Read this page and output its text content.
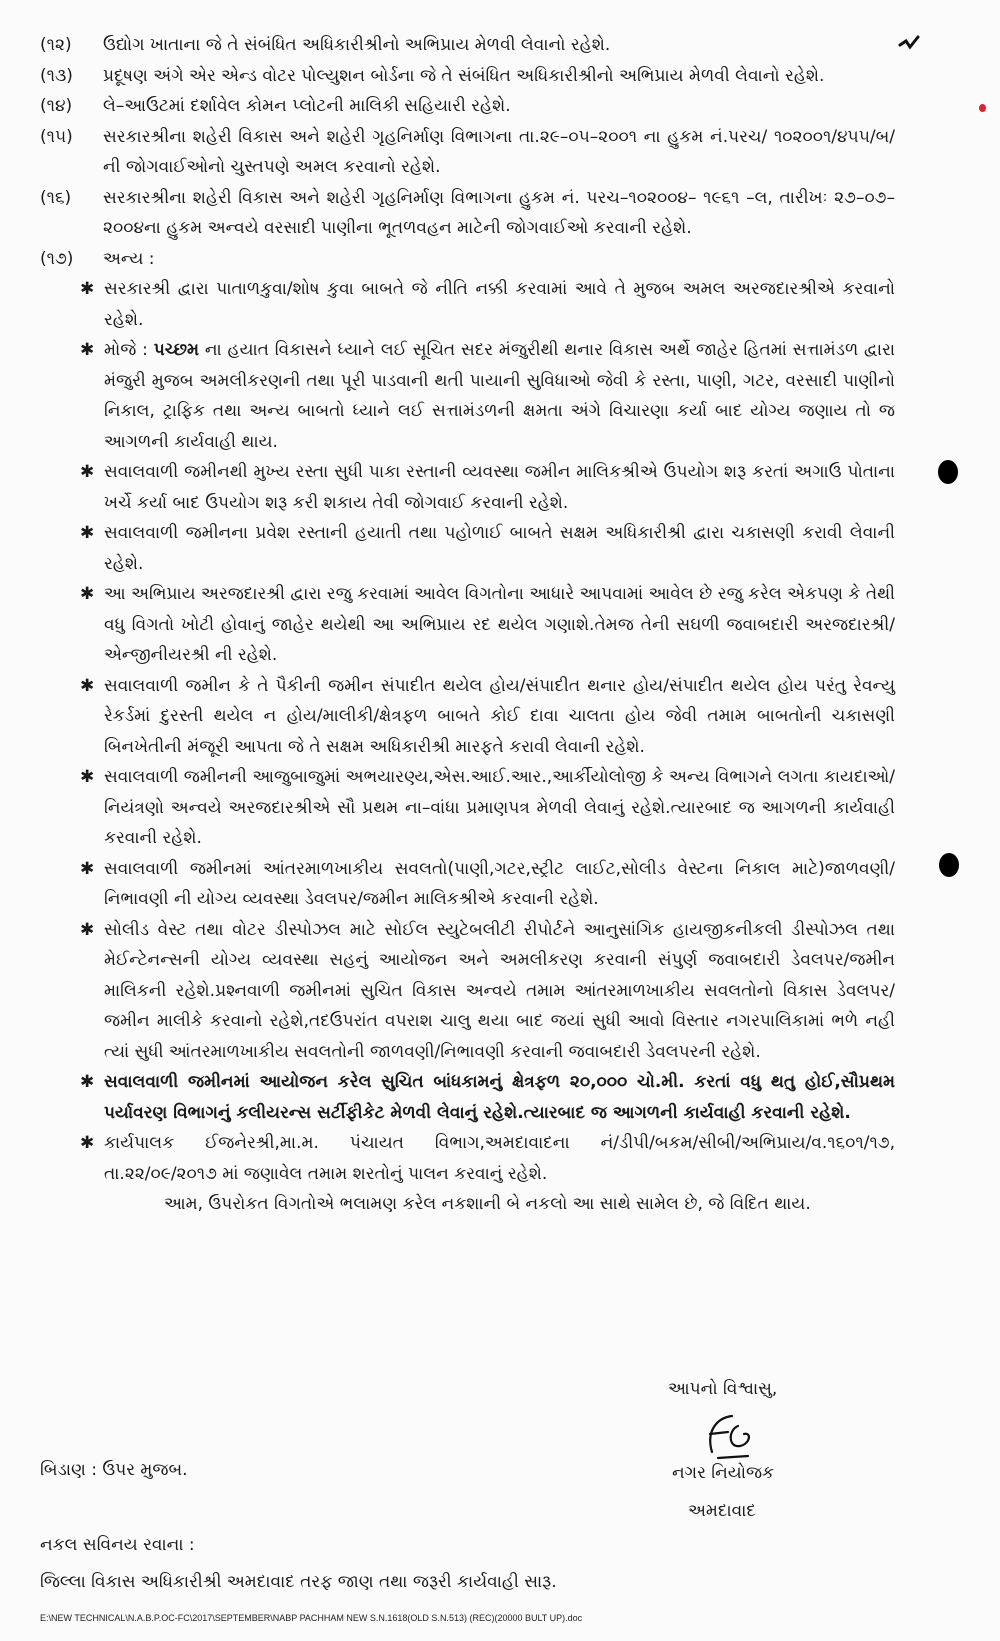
(૧૨)	ઉદ્યોગ ખાતાના જે તે સંબંધિત અધિકારીશ્રીનો અભિપ્રાય મેળવી લેવાનો રહેશે.
(૧૩)	પ્રદૂષણ અંગે એર એન્ડ વોટર પોલ્યુશન બોર્ડના જે તે સંબંધિત અધિકારીશ્રીનો અભિપ્રાય મેળવી લેવાનો રહેશે.
(૧૪)	લે–આઉટમાં દર્શાવેલ કોમન પ્લોટની માલિકી સહિયારી રહેશે.
(૧૫)	સરકારશ્રીના શહેરી વિકાસ અને શહેરી ગૃહનિર્માણ વિભાગના તા.૨૯–૦૫–૨૦૦૧ ના હુકમ નં.પરચ/ ૧૦૨૦૦૧/૪૫૫/બ/ની જોગવાઈઓનો ચુસ્તપણે અમલ કરવાનો રહેશે.
(૧૬)	સરકારશ્રીના શહેરી વિકાસ અને શહેરી ગૃહનિર્માણ વિભાગના હુકમ નં. પરચ–૧૦૨૦૦૪– ૧૯૬૧ –લ, તારીખઃ ૨૭–૦૭–૨૦૦૪ના હુકમ અન્વયે વરસાદી પાણીના ભૂતળવહન માટેની જોગવાઈઓ કરવાની રહેશે.
(૧૭)	અન્ય :
✱ સરકારશ્રી દ્વારા પાતાળકુવા/શોષ કુવા બાબતે જે નીતિ નક્કી કરવામાં આવે તે મુજબ અમલ અરજદારશ્રીએ કરવાનો રહેશે.
✱ મોજે : પચ્છમ ના હયાત વિકાસને ધ્યાને લઈ સૂચિત સદર મંજુરીથી થનાર વિકાસ અર્થે જાહેર હિતમાં સત્તામંડળ દ્વારા મંજુરી મુજબ અમલીકરણની તથા પૂરી પાડવાની થતી પાયાની સુવિધાઓ જેવી કે રસ્તા, પાણી, ગટર, વરસાદી પાણીનો નિકાલ, ટ્રાફિક તથા અન્ય બાબતો ધ્યાને લઈ સત્તામંડળની ક્ષમતા અંગે વિચારણા કર્યા બાદ યોગ્ય જણાય તો જ આગળની કાર્યવાહી થાય.
✱ સવાલવાળી જમીનથી મુખ્ય રસ્તા સુધી પાકા રસ્તાની વ્યવસ્થા જમીન માલિકશ્રીએ ઉપયોગ શરૂ કરતાં અગાઉ પોતાના ખર્ચે કર્યા બાદ ઉપયોગ શરૂ કરી શકાય તેવી જોગવાઈ કરવાની રહેશે.
✱ સવાલવાળી જમીનના પ્રવેશ રસ્તાની હયાતી તથા પહોળાઈ બાબતે સક્ષમ અધિકારીશ્રી દ્વારા ચકાસણી કરાવી લેવાની રહેશે.
✱ આ અભિપ્રાય અરજદારશ્રી દ્વારા રજુ કરવામાં આવેલ વિગતોના આધારે આપવામાં આવેલ છે રજુ કરેલ એકપણ કે તેથી વધુ વિગતો ખોટી હોવાનું જાહેર થયેથી આ અભિપ્રાય રદ થયેલ ગણાશે.તેમજ તેની સઘળી જવાબદારી અરજદારશ્રી/એન્જીનીયરશ્રી ની રહેશે.
✱ સવાલવાળી જમીન કે તે પૈકીની જમીન સંપાદીત થયેલ હોય/સંપાદીત થનાર હોય/સંપાદીત થયેલ હોય પરંતુ રેવન્યુ રેકર્ડમાં દુરસ્તી થયેલ ન હોય/માલીકી/ક્ષેત્રફળ બાબતે કોઈ દાવા ચાલતા હોય જેવી તમામ બાબતોની ચકાસણી બિનખેતીની મંજૂરી આપતા જે તે સક્ષમ અધિકારીશ્રી મારફતે કરાવી લેવાની રહેશે.
✱ સવાલવાળી જમીનની આજુબાજુમાં અભયારણ્ય,એસ.આઈ.આર.,આર્કીયોલોજી કે અન્ય વિભાગને લગતા કાયદાઓ/ નિયંત્રણો અન્વયે અરજદારશ્રીએ સૌ પ્રથમ ના–વાંધા પ્રમાણપત્ર મેળવી લેવાનું રહેશે.ત્યારબાદ જ આગળની કાર્યવાહી કરવાની રહેશે.
✱ સવાલવાળી જમીનમાં આંતરમાળખાકીય સવલતો(પાણી,ગટર,સ્ટ્રીટ લાઈટ,સોલીડ વેસ્ટના નિકાલ માટે)જાળવણી/ નિભાવણી ની યોગ્ય વ્યવસ્થા ડેવલપર/જમીન માલિકશ્રીએ કરવાની રહેશે.
✱ સોલીડ વેસ્ટ તથા વોટર ડીસ્પોઝલ માટે સોઈલ સ્યુટેબલીટી રીપોર્ટને આનુસાંગિક હાયજીકનીકલી ડીસ્પોઝલ તથા મેઈન્ટેનન્સની યોગ્ય વ્યવસ્થા સહનું આયોજન અને અમલીકરણ કરવાની સંપુર્ણ જવાબદારી ડેવલપર/જમીન માલિકની રહેશે.પ્રશ્નવાળી જમીનમાં સુચિત વિકાસ અન્વયે તમામ આંતરમાળખાકીય સવલતોનો વિકાસ ડેવલપર/ જમીન માલીકે કરવાનો રહેશે,તદઉપરાંત વપરાશ ચાલુ થયા બાદ જયાં સુધી આવો વિસ્તાર નગરપાલિકામાં ભળે નહી ત્યાં સુધી આંતરમાળખાકીય સવલતોની જાળવણી/નિભાવણી કરવાની જવાબદારી ડેવલપરની રહેશે.
✱ સવાલવાળી જમીનમાં આયોજન કરેલ સુચિત બાંધકામનું ક્ષેત્રફળ ૨૦,૦૦૦ ચો.મી. કરતાં વધુ થતુ હોઈ,સૌપ્રથમ પર્યાવરણ વિભાગનું કલીયરન્સ સર્ટીફીકેટ મેળવી લેવાનું રહેશે.ત્યારબાદ જ આગળની કાર્યવાહી કરવાની રહેશે.
✱ કાર્યપાલક ઈજનેરશ્રી,મા.મ. પંચાયત વિભાગ,અમદાવાદના નં/ડીપી/બકમ/સીબી/અભિપ્રાય/વ.૧૬૦૧/૧૭, તા.૨૨/૦૯/૨૦૧૭ માં જણાવેલ તમામ શરતોનું પાલન કરવાનું રહેશે.
આમ, ઉપરોકત વિગતોએ ભલામણ કરેલ નકશાની બે નકલો આ સાથે સામેલ છે, જે વિદિત થાય.
આપનો વિશ્વાસુ,
નગર નિયોજક
અમદાવાદ
બિડાણ : ઉપર મુજબ.
નકલ સવિનય રવાના :
જિલ્લા વિકાસ અધિકારીશ્રી અમદાવાદ તરફ જાણ તથા જરૂરી કાર્યવાહી સારૂ.
E:\NEW TECHNICAL\N.A.B.P.OC-FC\2017\SEPTEMBER\NABP PACHHAM NEW S.N.1618(OLD S.N.513) (REC)(20000 BULT UP).doc
